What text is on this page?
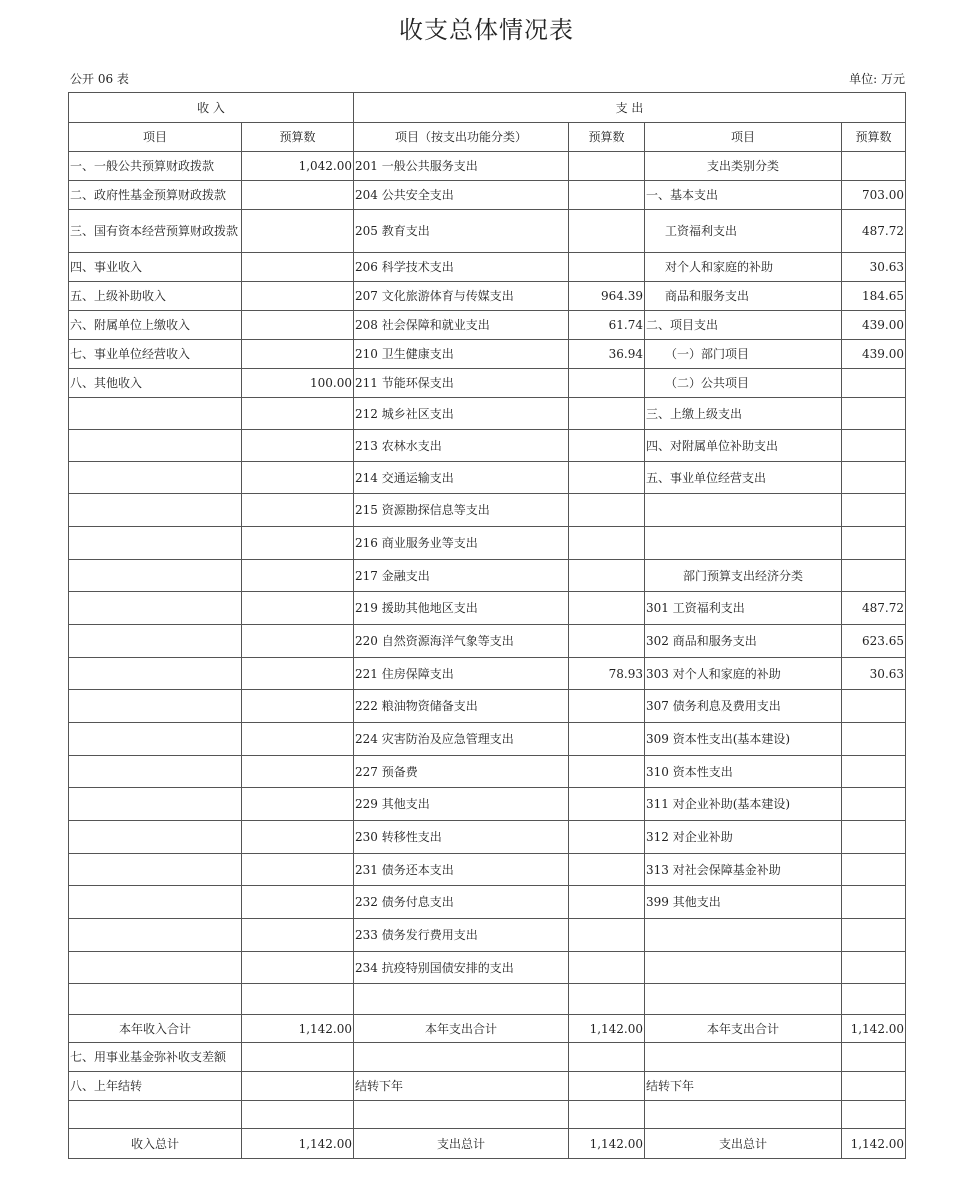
收支总体情况表
公开 06 表	单位: 万元
收 入		支 出			
项目	预算数	项目（按支出功能分类）	预算数	项目	预算数
一、一般公共预算财政拨款	1,042.00	201 一般公共服务支出		支出类别分类	
二、政府性基金预算财政拨款		204 公共安全支出		一、基本支出	703.00
三、国有资本经营预算财政拨款		205 教育支出		工资福利支出	487.72
四、事业收入		206 科学技术支出		对个人和家庭的补助	30.63
五、上级补助收入		207 文化旅游体育与传媒支出	964.39	商品和服务支出	184.65
六、附属单位上缴收入		208 社会保障和就业支出	61.74	二、项目支出	439.00
七、事业单位经营收入		210 卫生健康支出	36.94	（一）部门项目	439.00
八、其他收入	100.00	211 节能环保支出		（二）公共项目	
		212 城乡社区支出		三、上缴上级支出	
		213 农林水支出		四、对附属单位补助支出	
		214 交通运输支出		五、事业单位经营支出	
		215 资源勘探信息等支出			
		216 商业服务业等支出			
		217 金融支出		部门预算支出经济分类	
		219 援助其他地区支出		301 工资福利支出	487.72
		220 自然资源海洋气象等支出		302 商品和服务支出	623.65
		221 住房保障支出	78.93	303 对个人和家庭的补助	30.63
		222 粮油物资储备支出		307 债务利息及费用支出	
		224 灾害防治及应急管理支出		309 资本性支出(基本建设)	
		227 预备费		310 资本性支出	
		229 其他支出		311 对企业补助(基本建设)	
		230 转移性支出		312 对企业补助	
		231 债务还本支出		313 对社会保障基金补助	
		232 债务付息支出		399 其他支出	
		233 债务发行费用支出			
		234 抗疫特别国债安排的支出			

本年收入合计	1,142.00	本年支出合计	1,142.00	本年支出合计	1,142.00
七、用事业基金弥补收支差额					
八、上年结转		结转下年		结转下年	

收入总计	1,142.00	支出总计	1,142.00	支出总计	1,142.00
